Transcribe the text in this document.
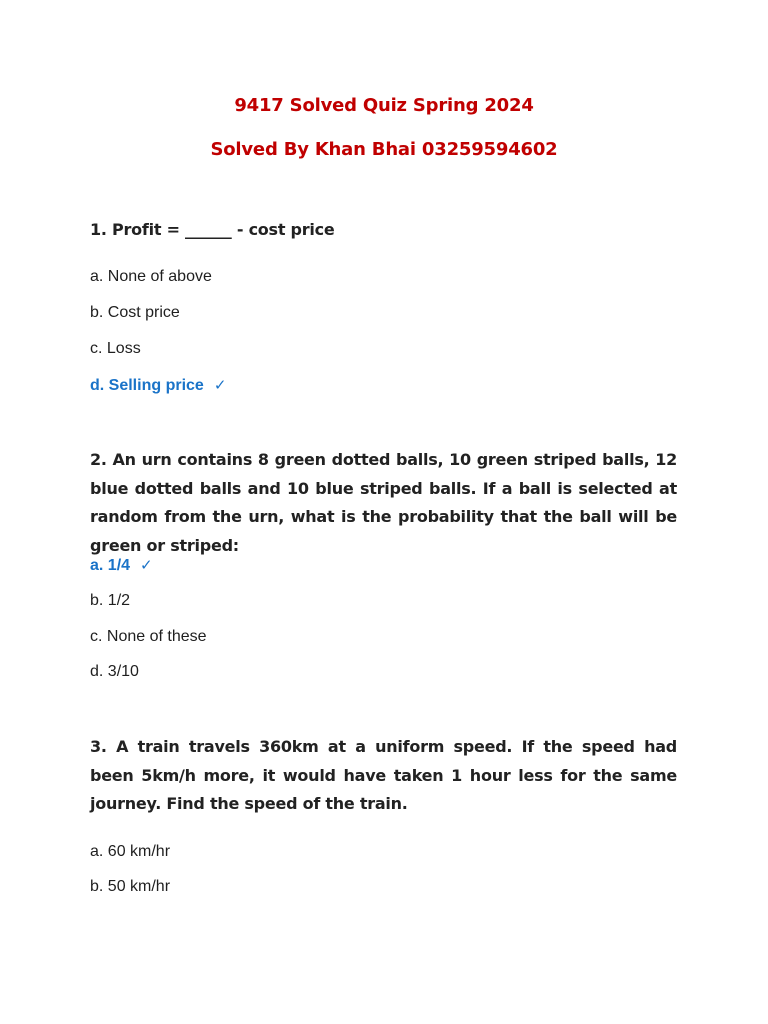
9417 Solved Quiz Spring 2024
Solved By Khan Bhai 03259594602
1. Profit = ______ - cost price
a. None of above
b. Cost price
c. Loss
d. Selling price ✓
2. An urn contains 8 green dotted balls, 10 green striped balls, 12 blue dotted balls and 10 blue striped balls. If a ball is selected at random from the urn, what is the probability that the ball will be green or striped:
a. 1/4 ✓
b. 1/2
c. None of these
d. 3/10
3. A train travels 360km at a uniform speed. If the speed had been 5km/h more, it would have taken 1 hour less for the same journey. Find the speed of the train.
a. 60 km/hr
b. 50 km/hr
